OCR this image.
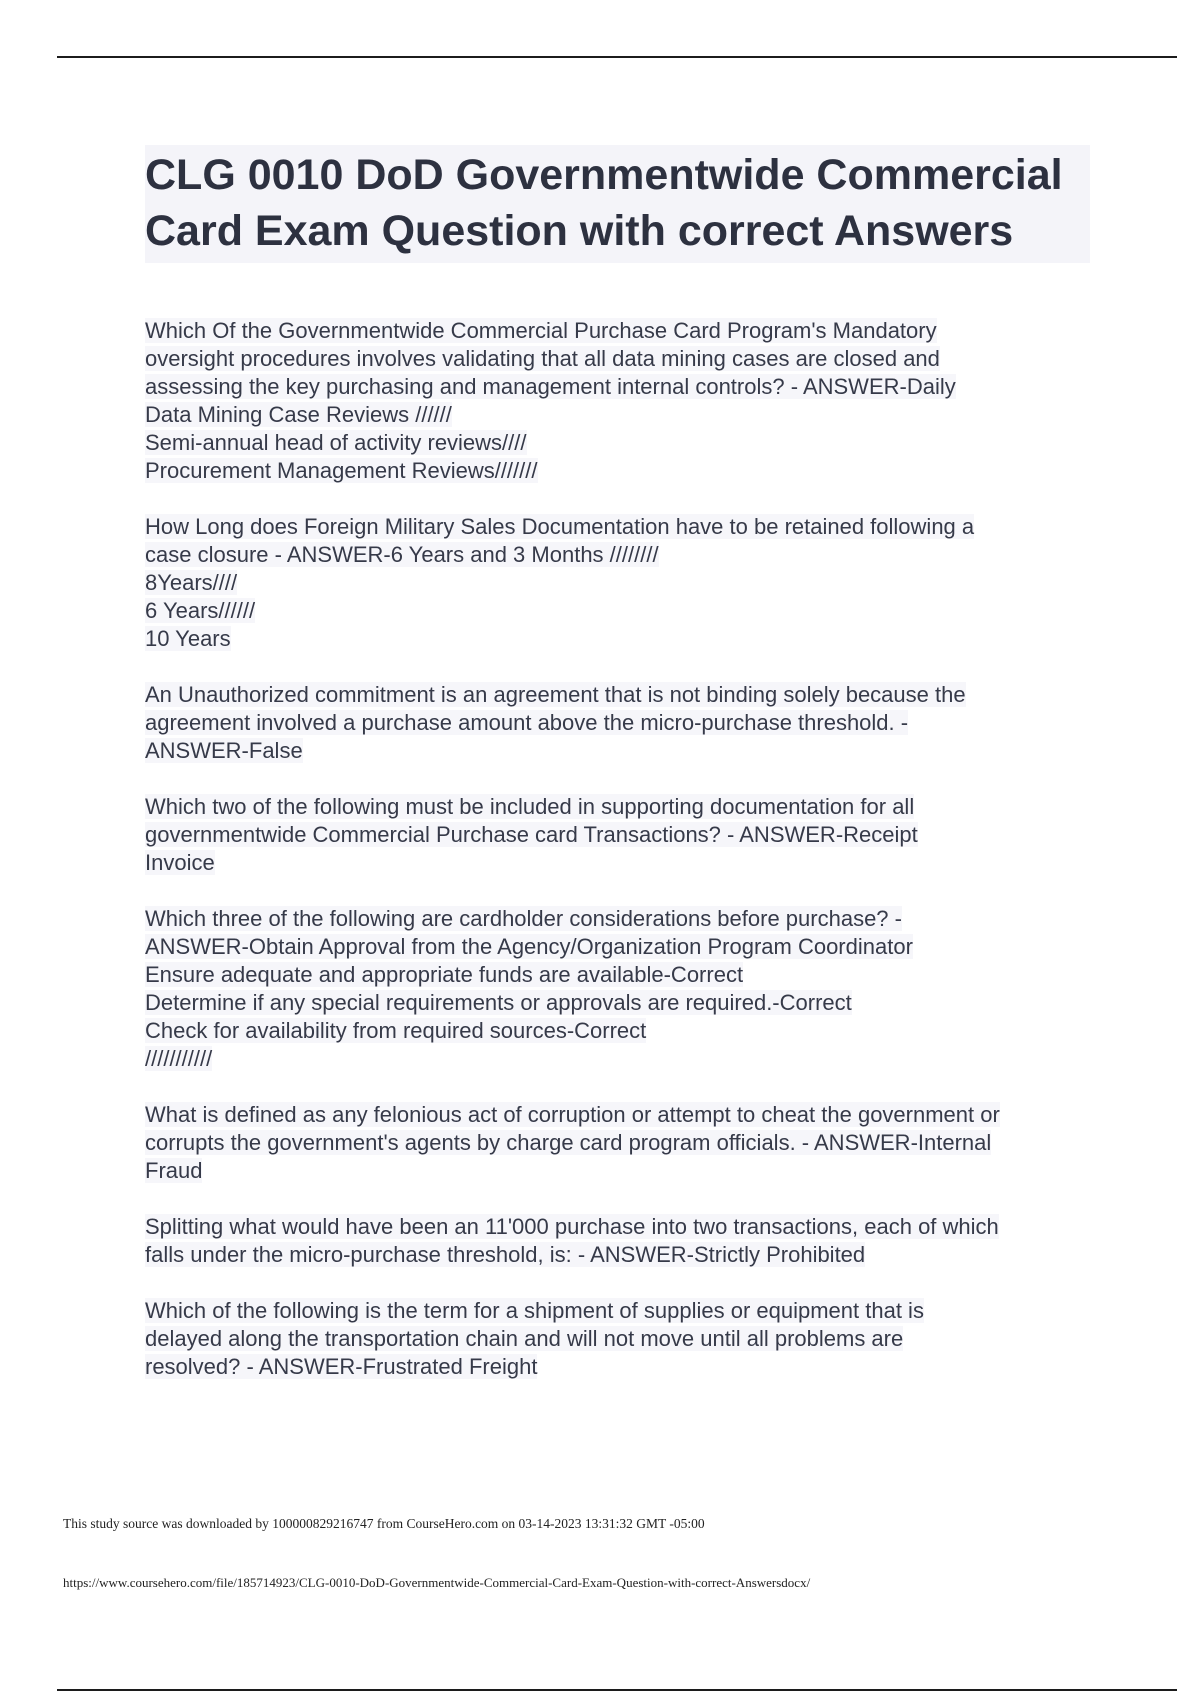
CLG 0010 DoD Governmentwide Commercial Card Exam Question with correct Answers
Which Of the Governmentwide Commercial Purchase Card Program's Mandatory
oversight procedures involves validating that all data mining cases are closed and
assessing the key purchasing and management internal controls? - ANSWER-Daily
Data Mining Case Reviews //////
Semi-annual head of activity reviews////
Procurement Management Reviews///////
How Long does Foreign Military Sales Documentation have to be retained following a
case closure - ANSWER-6 Years and 3 Months ////////
8Years////
6 Years//////
10 Years
An Unauthorized commitment is an agreement that is not binding solely because the
agreement involved a purchase amount above the micro-purchase threshold. -
ANSWER-False
Which two of the following must be included in supporting documentation for all
governmentwide Commercial Purchase card Transactions? - ANSWER-Receipt
Invoice
Which three of the following are cardholder considerations before purchase? -
ANSWER-Obtain Approval from the Agency/Organization Program Coordinator
Ensure adequate and appropriate funds are available-Correct
Determine if any special requirements or approvals are required.-Correct
Check for availability from required sources-Correct
///////////
What is defined as any felonious act of corruption or attempt to cheat the government or
corrupts the government's agents by charge card program officials. - ANSWER-Internal
Fraud
Splitting what would have been an 11'000 purchase into two transactions, each of which
falls under the micro-purchase threshold, is: - ANSWER-Strictly Prohibited
Which of the following is the term for a shipment of supplies or equipment that is
delayed along the transportation chain and will not move until all problems are
resolved? - ANSWER-Frustrated Freight
This study source was downloaded by 100000829216747 from CourseHero.com on 03-14-2023 13:31:32 GMT -05:00
https://www.coursehero.com/file/185714923/CLG-0010-DoD-Governmentwide-Commercial-Card-Exam-Question-with-correct-Answersdocx/
